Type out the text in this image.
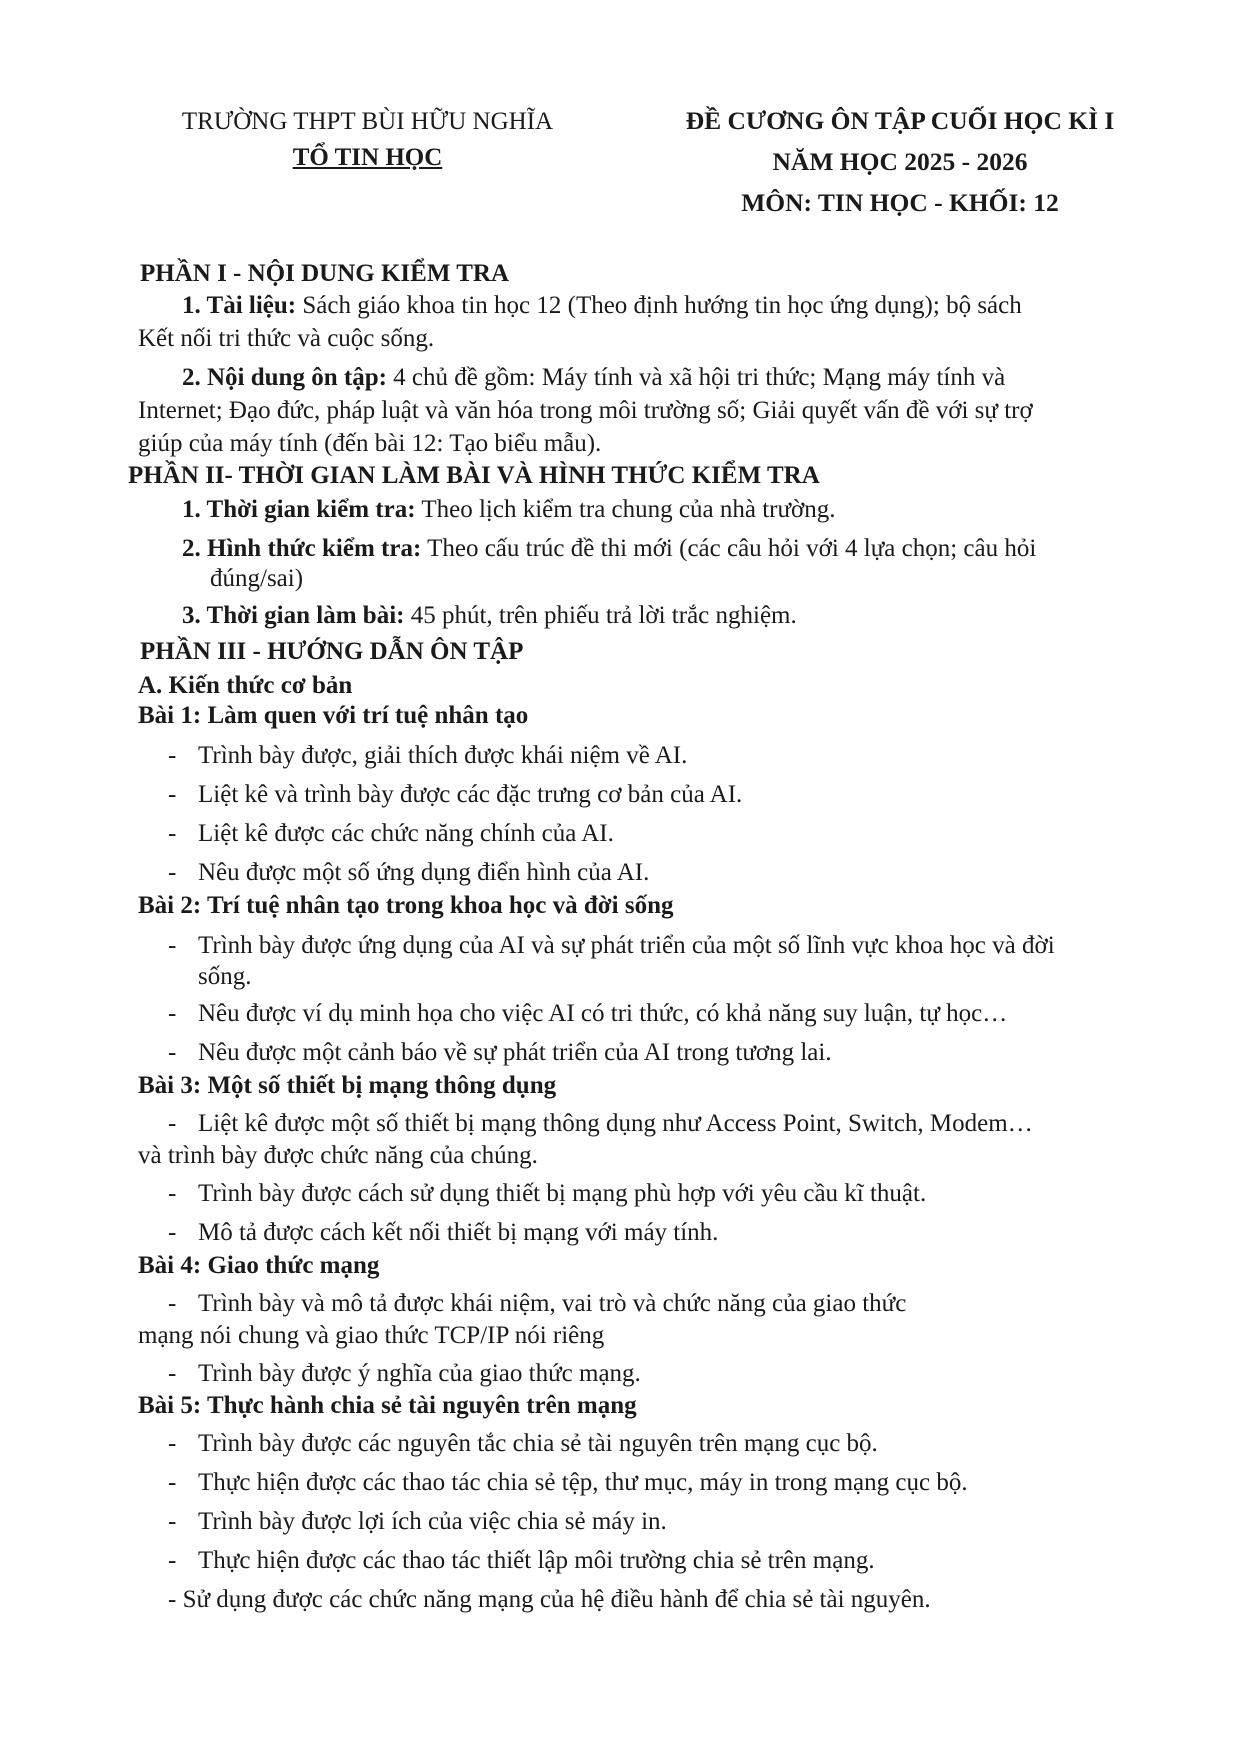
TRƯỜNG THPT BÙI HỮU NGHĨA
TỔ TIN HỌC
ĐỀ CƯƠNG ÔN TẬP CUỐI HỌC KÌ I
NĂM HỌC 2025 - 2026
MÔN: TIN HỌC - KHỐI: 12
PHẦN I - NỘI DUNG KIỂM TRA
1. Tài liệu: Sách giáo khoa tin học 12 (Theo định hướng tin học ứng dụng); bộ sách
Kết nối tri thức và cuộc sống.
2. Nội dung ôn tập: 4 chủ đề gồm: Máy tính và xã hội tri thức; Mạng máy tính và
Internet; Đạo đức, pháp luật và văn hóa trong môi trường số; Giải quyết vấn đề với sự trợ
giúp của máy tính (đến bài 12: Tạo biểu mẫu).
PHẦN II- THỜI GIAN LÀM BÀI VÀ HÌNH THỨC KIỂM TRA
1. Thời gian kiểm tra: Theo lịch kiểm tra chung của nhà trường.
2. Hình thức kiểm tra: Theo cấu trúc đề thi mới (các câu hỏi với 4 lựa chọn; câu hỏi
đúng/sai)
3. Thời gian làm bài: 45 phút, trên phiếu trả lời trắc nghiệm.
PHẦN III - HƯỚNG DẪN ÔN TẬP
A. Kiến thức cơ bản
Bài 1: Làm quen với trí tuệ nhân tạo
- Trình bày được, giải thích được khái niệm về AI.
- Liệt kê và trình bày được các đặc trưng cơ bản của AI.
- Liệt kê được các chức năng chính của AI.
- Nêu được một số ứng dụng điển hình của AI.
Bài 2: Trí tuệ nhân tạo trong khoa học và đời sống
- Trình bày được ứng dụng của AI và sự phát triển của một số lĩnh vực khoa học và đời
sống.
- Nêu được ví dụ minh họa cho việc AI có tri thức, có khả năng suy luận, tự học…
- Nêu được một cảnh báo về sự phát triển của AI trong tương lai.
Bài 3: Một số thiết bị mạng thông dụng
- Liệt kê được một số thiết bị mạng thông dụng như Access Point, Switch, Modem…
và trình bày được chức năng của chúng.
- Trình bày được cách sử dụng thiết bị mạng phù hợp với yêu cầu kĩ thuật.
- Mô tả được cách kết nối thiết bị mạng với máy tính.
Bài 4: Giao thức mạng
- Trình bày và mô tả được khái niệm, vai trò và chức năng của giao thức
mạng nói chung và giao thức TCP/IP nói riêng
- Trình bày được ý nghĩa của giao thức mạng.
Bài 5: Thực hành chia sẻ tài nguyên trên mạng
- Trình bày được các nguyên tắc chia sẻ tài nguyên trên mạng cục bộ.
- Thực hiện được các thao tác chia sẻ tệp, thư mục, máy in trong mạng cục bộ.
- Trình bày được lợi ích của việc chia sẻ máy in.
- Thực hiện được các thao tác thiết lập môi trường chia sẻ trên mạng.
- Sử dụng được các chức năng mạng của hệ điều hành để chia sẻ tài nguyên.
